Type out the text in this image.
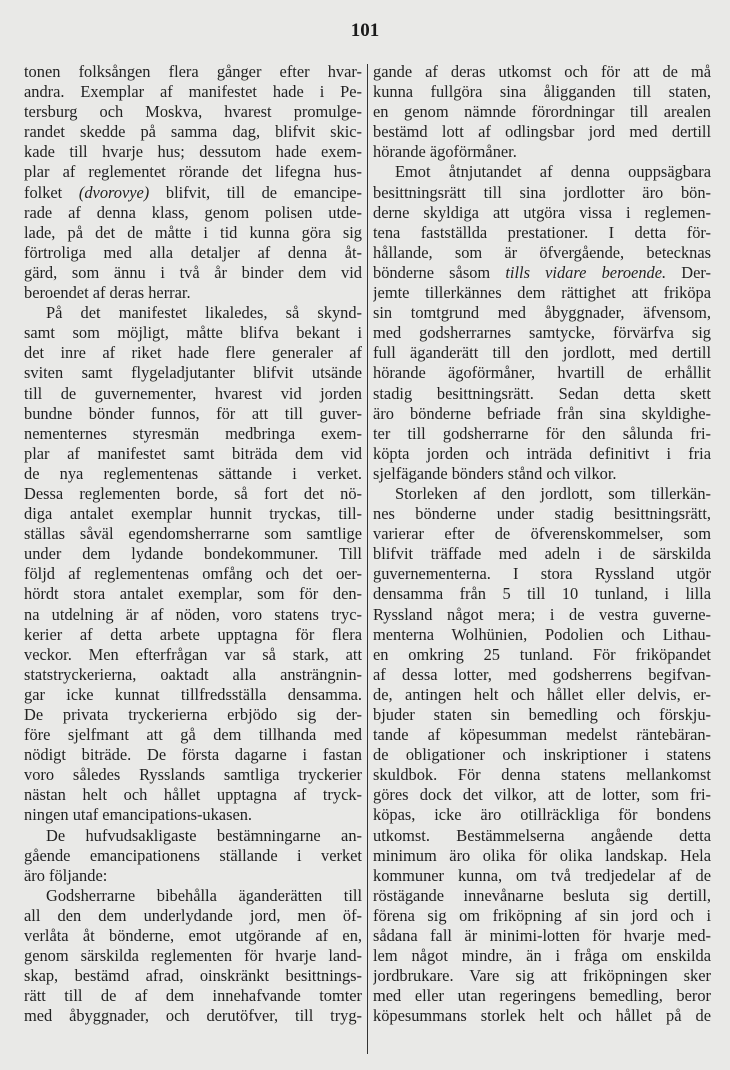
101
tonen folksången flera gånger efter hvar-
andra. Exemplar af manifestet hade i Pe-
tersburg och Moskva, hvarest promulge-
randet skedde på samma dag, blifvit skic-
kade till hvarje hus; dessutom hade exem-
plar af reglementet rörande det lifegna hus-
folket (dvorovye) blifvit, till de emancipe-
rade af denna klass, genom polisen utde-
lade, på det de måtte i tid kunna göra sig
förtroliga med alla detaljer af denna åt-
gärd, som ännu i två år binder dem vid
beroendet af deras herrar.
På det manifestet likaledes, så skynd-
samt som möjligt, måtte blifva bekant i
det inre af riket hade flere generaler af
sviten samt flygeladjutanter blifvit utsände
till de guvernementer, hvarest vid jorden
bundne bönder funnos, för att till guver-
nementernes styresmän medbringa exem-
plar af manifestet samt biträda dem vid
de nya reglementenas sättande i verket.
Dessa reglementen borde, så fort det nö-
diga antalet exemplar hunnit tryckas, till-
ställas såväl egendomsherrarne som samtlige
under dem lydande bondekommuner. Till
följd af reglementenas omfång och det oer-
hördt stora antalet exemplar, som för den-
na utdelning är af nöden, voro statens tryc-
kerier af detta arbete upptagna för flera
veckor. Men efterfrågan var så stark, att
statstryckerierna, oaktadt alla ansträngnin-
gar icke kunnat tillfredsställa densamma.
De privata tryckerierna erbjödo sig der-
före sjelfmant att gå dem tillhanda med
nödigt biträde. De första dagarne i fastan
voro således Rysslands samtliga tryckerier
nästan helt och hållet upptagna af tryck-
ningen utaf emancipations-ukasen.
De hufvudsakligaste bestämningarne an-
gående emancipationens ställande i verket
äro följande:
Godsherrarne bibehålla äganderätten till
all den dem underlydande jord, men öf-
verlåta åt bönderne, emot utgörande af en,
genom särskilda reglementen för hvarje land-
skap, bestämd afrad, oinskränkt besittnings-
rätt till de af dem innehafvande tomter
med åbyggnader, och derutöfver, till tryg-
gande af deras utkomst och för att de må
kunna fullgöra sina åligganden till staten,
en genom nämnde förordningar till arealen
bestämd lott af odlingsbar jord med dertill
hörande ägoförmåner.
Emot åtnjutandet af denna ouppsägbara
besittningsrätt till sina jordlotter äro bön-
derne skyldiga att utgöra vissa i reglemen-
tena fastställda prestationer. I detta för-
hållande, som är öfvergående, betecknas
bönderne såsom tills vidare beroende. Der-
jemte tillerkännes dem rättighet att friköpa
sin tomtgrund med åbyggnader, äfvensom,
med godsherrarnes samtycke, förvärfva sig
full äganderätt till den jordlott, med dertill
hörande ägoförmåner, hvartill de erhållit
stadig besittningsrätt. Sedan detta skett
äro bönderne befriade från sina skyldighe-
ter till godsherrarne för den sålunda fri-
köpta jorden och inträda definitivt i fria
sjelfägande bönders stånd och vilkor.
Storleken af den jordlott, som tillerkän-
nes bönderne under stadig besittningsrätt,
varierar efter de öfverenskommelser, som
blifvit träffade med adeln i de särskilda
guvernementerna. I stora Ryssland utgör
densamma från 5 till 10 tunland, i lilla
Ryssland något mera; i de vestra guverne-
menterna Wolhünien, Podolien och Lithau-
en omkring 25 tunland. För friköpandet
af dessa lotter, med godsherrens begifvan-
de, antingen helt och hållet eller delvis, er-
bjuder staten sin bemedling och förskju-
tande af köpesumman medelst räntebäran-
de obligationer och inskriptioner i statens
skuldbok. För denna statens mellankomst
göres dock det vilkor, att de lotter, som fri-
köpas, icke äro otillräckliga för bondens
utkomst. Bestämmelserna angående detta
minimum äro olika för olika landskap. Hela
kommuner kunna, om två tredjedelar af de
röstägande innevånarne besluta sig dertill,
förena sig om friköpning af sin jord och i
sådana fall är minimi-lotten för hvarje med-
lem något mindre, än i fråga om enskilda
jordbrukare. Vare sig att friköpningen sker
med eller utan regeringens bemedling, beror
köpesummans storlek helt och hållet på de
